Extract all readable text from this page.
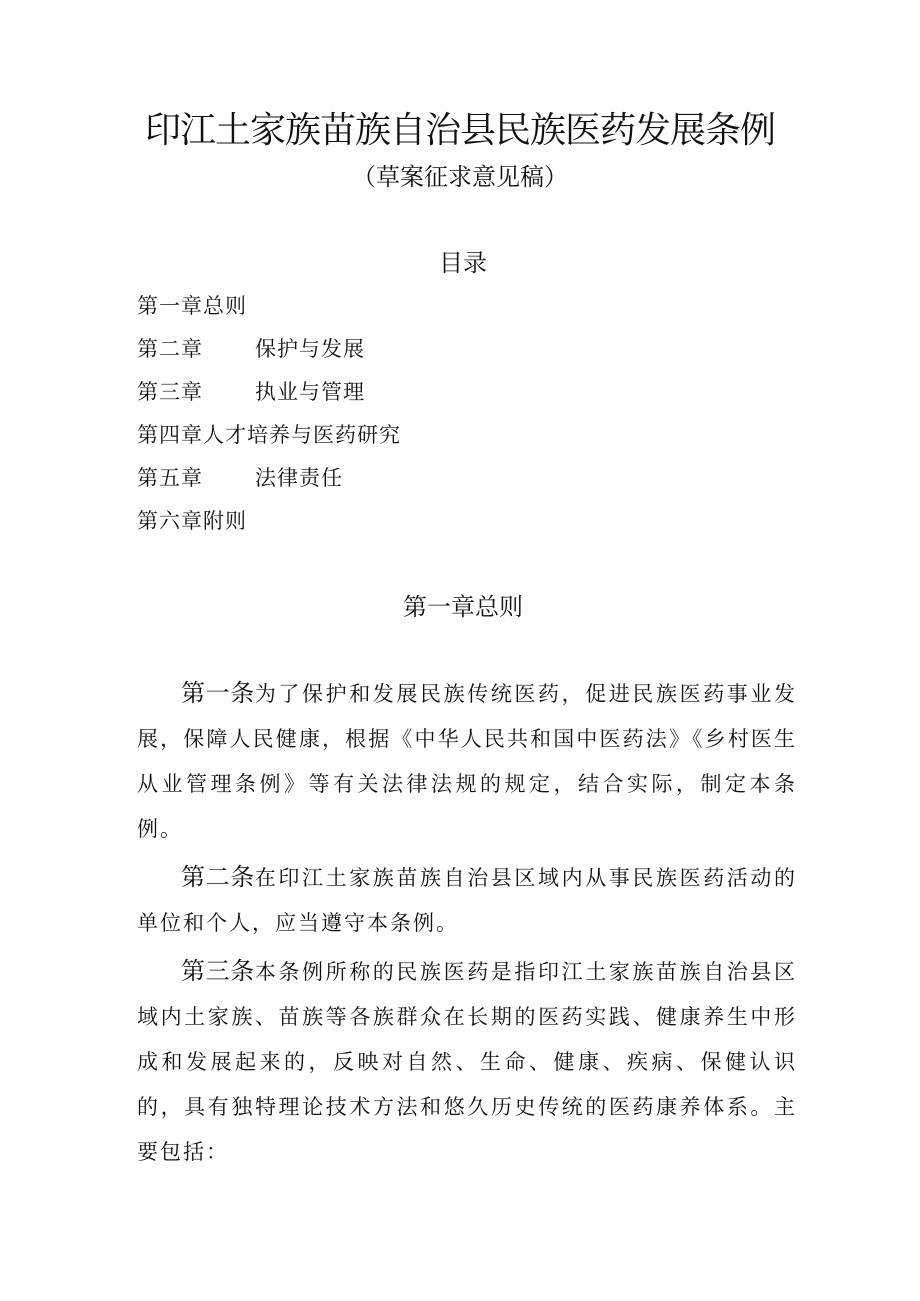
印江土家族苗族自治县民族医药发展条例
（草案征求意见稿）
目录
第一章 总则
第二章	保护与发展
第三章	执业与管理
第四章 人才培养与医药研究
第五章	法律责任
第六章 附则
第一章总则

第一条为了保护和发展民族传统医药，促进民族医药事业发展，保障人民健康，根据《中华人民共和国中医药法》《乡村医生从业管理条例》等有关法律法规的规定，结合实际，制定本条例。

第二条在印江土家族苗族自治县区域内从事民族医药活动的单位和个人，应当遵守本条例。

第三条本条例所称的民族医药是指印江土家族苗族自治县区域内土家族、苗族等各族群众在长期的医药实践、健康养生中形成和发展起来的，反映对自然、生命、健康、疾病、保健认识的，具有独特理论技术方法和悠久历史传统的医药康养体系。主要包括：
